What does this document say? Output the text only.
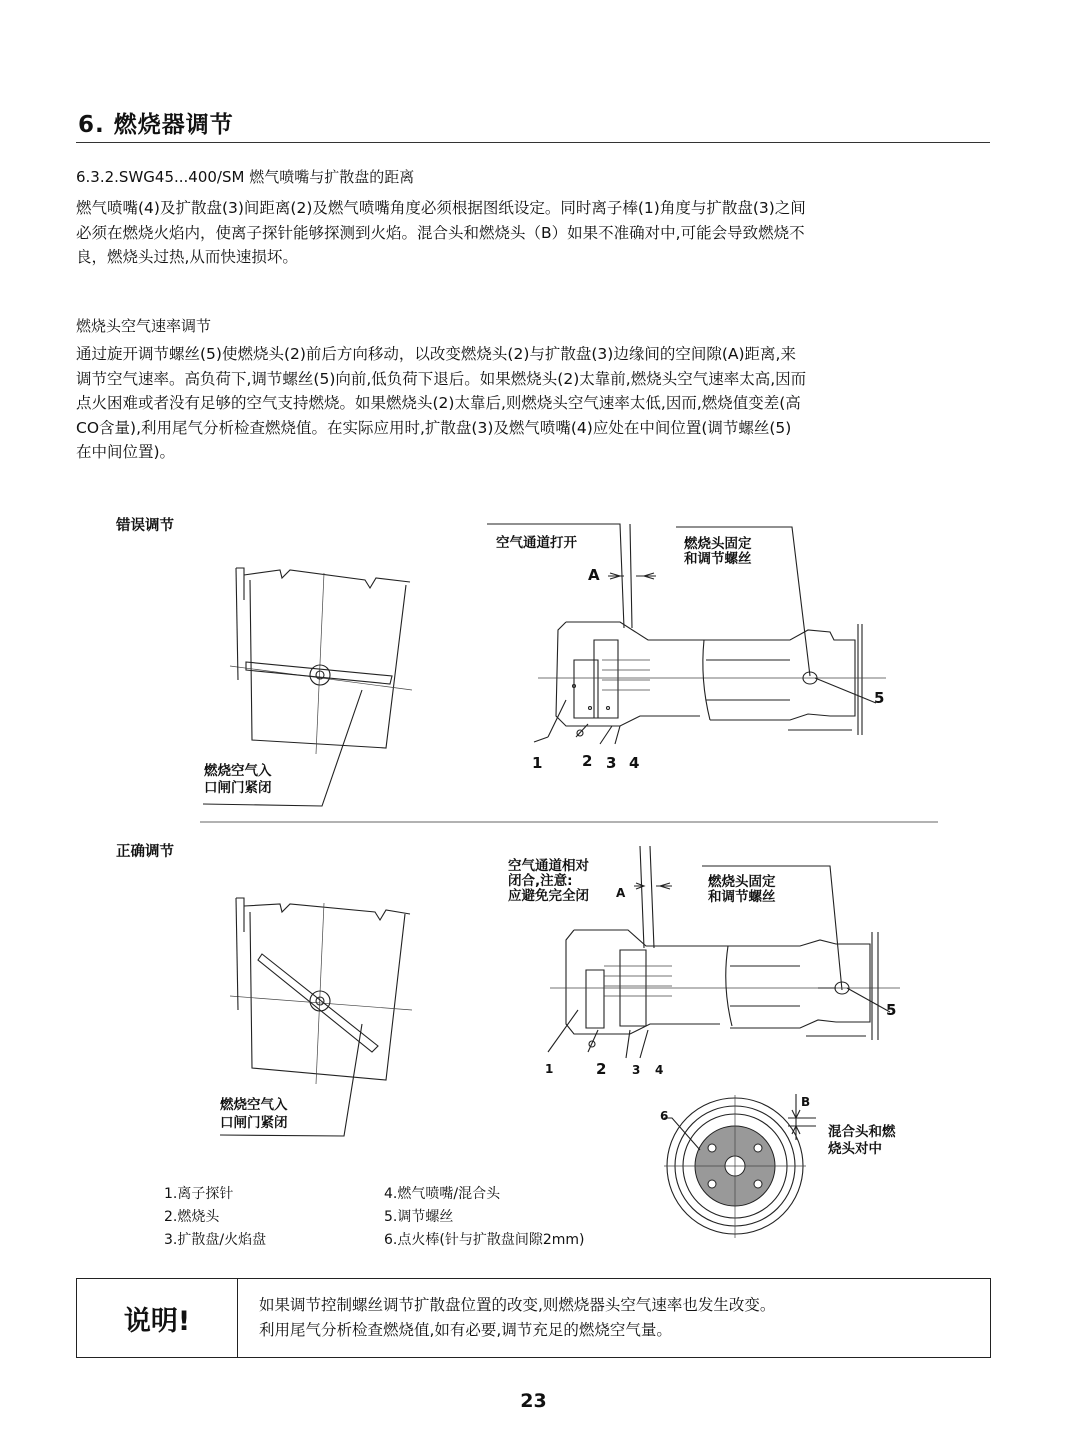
6. 燃烧器调节
6.3.2.SWG45...400/SM 燃气喷嘴与扩散盘的距离
燃气喷嘴(4)及扩散盘(3)间距离(2)及燃气喷嘴角度必须根据图纸设定。同时离子棒(1)角度与扩散盘(3)之间
必须在燃烧火焰内，使离子探针能够探测到火焰。混合头和燃烧头（B）如果不准确对中,可能会导致燃烧不
良，燃烧头过热,从而快速损坏。
燃烧头空气速率调节
通过旋开调节螺丝(5)使燃烧头(2)前后方向移动，以改变燃烧头(2)与扩散盘(3)边缘间的空间隙(A)距离,来
调节空气速率。高负荷下,调节螺丝(5)向前,低负荷下退后。如果燃烧头(2)太靠前,燃烧头空气速率太高,因而
点火困难或者没有足够的空气支持燃烧。如果燃烧头(2)太靠后,则燃烧头空气速率太低,因而,燃烧值变差(高
CO含量),利用尾气分析检查燃烧值。在实际应用时,扩散盘(3)及燃气喷嘴(4)应处在中间位置(调节螺丝(5)
在中间位置)。
错误调节
空气通道打开
A
燃烧头固定
和调节螺丝
燃烧空气入
口闸门紧闭
1	2 3 4
5
正确调节
空气通道相对
闭合,注意:
应避免完全闭 A
燃烧头固定
和调节螺丝
燃烧空气入
口闸门紧闭
1	2 3 4
5
6
B
混合头和燃
烧头对中
1.离子探针
2.燃烧头
3.扩散盘/火焰盘
4.燃气喷嘴/混合头
5.调节螺丝
6.点火棒(针与扩散盘间隙2mm)
说明!
如果调节控制螺丝调节扩散盘位置的改变,则燃烧器头空气速率也发生改变。
利用尾气分析检查燃烧值,如有必要,调节充足的燃烧空气量。
23
